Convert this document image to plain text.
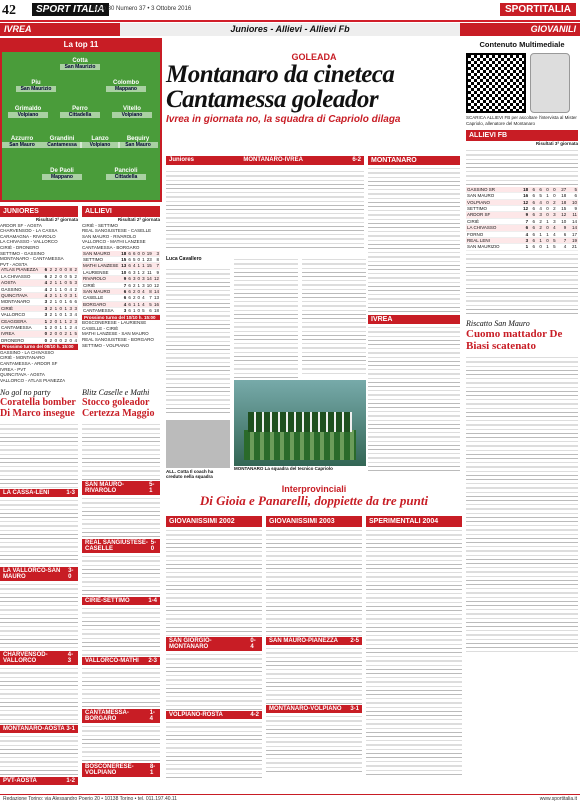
42	SPORT ITALIA
Anno 80 Numero 37 • 3 Ottobre 2016	SPORTITALIA
IVREA	Juniores - Allievi - Allievi Fb	GIOVANILI
La top 11
Cotta
San Maurizio
Piu
San Maurizio
Colombo
Mappano
Grimaldo
Volpiano
Perro
Cittadella
Vitello
Volpiano
Azzurro
San Mauro
Grandini
Cantamessa
Lanzo
Volpiano
Bequiry
San Mauro
De Paoli
Mappano
Pancioli
Cittadella
JUNIORES
Risultati 2ª giornata
ARDOR SF - AOSTA
CHARVENSOD - LA CASSA
CARAMAGNA - RIVAROLO
LA CHIVASSO - VALLORCO
CIRIÈ - DRONERO
SETTIMO - GASSINO
MONTANARO - CANTAMESSA
PVT - AOSTA
ATLAS PIANEZZA	6	2	2	0	0	8	2
LA CHIVASSO	6	2	2	0	0	5	2
AOSTA	4	2	1	1	0	5	3
GASSINO	4	2	1	1	0	4	2
QUINCITAVA	4	2	1	1	0	3	1
MONTANARO	3	2	1	0	1	6	6
CIRIÈ	3	2	1	0	1	3	3
VALLORCO	3	2	1	0	1	3	4
CEAGGERA	1	2	0	1	1	2	3
CANTAMESSA	1	2	0	1	1	2	4
IVREA	0	2	0	0	2	1	5
DRONERO	0	2	0	0	2	0	4
Prossimo turno del 08/10 h. 15:00
GASSINO - LA CHIVASSO
CIRIÈ - MONTANARO
CANTAMESSA - ARDOR SF
IVREA - PVT
QUINCITAVA - AOSTA
VALLORCO - ATLAS PIANEZZA
ALLIEVI
Risultati 2ª giornata
CIRIÈ - SETTIMO
REAL SANGIUSTESE - CASELLE
SAN MAURO - RIVAROLO
VALLORCO - MATHI LANZESE
CANTAMESSA - BORGARO
SAN MAURO	18	6	6	0	0	19	3
SETTIMO	15	6	5	0	1	23	8
MATHI LANZESE	13	6	4	1	1	15	7
LAURIENSE	10	6	3	1	2	11	9
RIVAROLO	9	6	3	0	3	14	12
CIRIÈ	7	6	2	1	3	10	12
SAN MAURO	6	6	2	0	4	8	14
CASELLE	6	6	2	0	4	7	13
BORGARO	4	6	1	1	4	5	16
CANTAMESSA	3	6	1	0	5	6	18
Prossimo turno del 10/10 h. 15:00
BOSCONERESE - LAURIENSE
CASELLE - CIRIÈ
MATHI LANZESE - SAN MAURO
REAL SANGIUSTESE - BORGARO
SETTIMO - VOLPIANO
No gol no party
Coratella bomber Di Marco insegue
LA CASSA-LENI	1-3
LA VALLORCO-SAN MAURO
3-0
CHARVENSOD-VALLORCO
4-3
MONTANARO-AOSTA 3-1
PVT-AOSTA	1-2
Blitz Caselle e Mathi
Stocco goleador Certezza Maggio
SAN MAURO-RIVAROLO
5-1
REAL SANGIUSTESE-CASELLE
5-0
CIRIÈ-SETTIMO	1-4
VALLORCO-MATHI 2-3
CANTAMESSA-BORGARO
1-4
BOSCONERESE-VOLPIANO
8-1
GOLEADA
Montanaro da cineteca Cantamessa goleador
Ivrea in giornata no, la squadra di Capriolo dilaga
Juniores	MONTANARO-IVREA	6-2
Luca Cavallero
MONTANARO La squadra del tecnico Capriolo
ALL. Cotta Il coach ha creduto nella squadra
MONTANARO
IVREA
Interprovinciali
Di Gioia e Panarelli, doppiette da tre punti
GIOVANISSIMI 2002
SAN GIORGIO-MONTANARO
0-4
VOLPIANO-ROSTA	4-2
GIOVANISSIMI 2003
SAN MAURO-PIANEZZA 2-5
MONTANARO-VOLPIANO 3-1
SPERIMENTALI 2004
Contenuto Multimediale
SCARICA ALLIEVI FB per ascoltare l'intervista al Mister Capriolo, allenatore del Montanaro
ALLIEVI FB
Risultati 3ª giornata
GASSINO SR	18	6	6	0	0	27	5
SAN MAURO	16	6	5	1	0	18	6
VOLPIANO	12	6	4	0	2	18	10
SETTIMO	12	6	4	0	2	15	9
ARDOR SF	9	6	3	0	3	12	11
CIRIÈ	7	6	2	1	3	10	14
LA CHIVASSO	6	6	2	0	4	9	14
FORNO	4	6	1	1	4	6	17
REAL LENI	3	6	1	0	5	7	19
SAN MAURIZIO	1	6	0	1	5	4	21
Riscatto San Mauro
Cuomo mattador De Biasi scatenato
Redazione Torino: via Alessandro Poerio 20 • 10138 Torino • tel. 011.197.40.11	www.sportitalia.it
